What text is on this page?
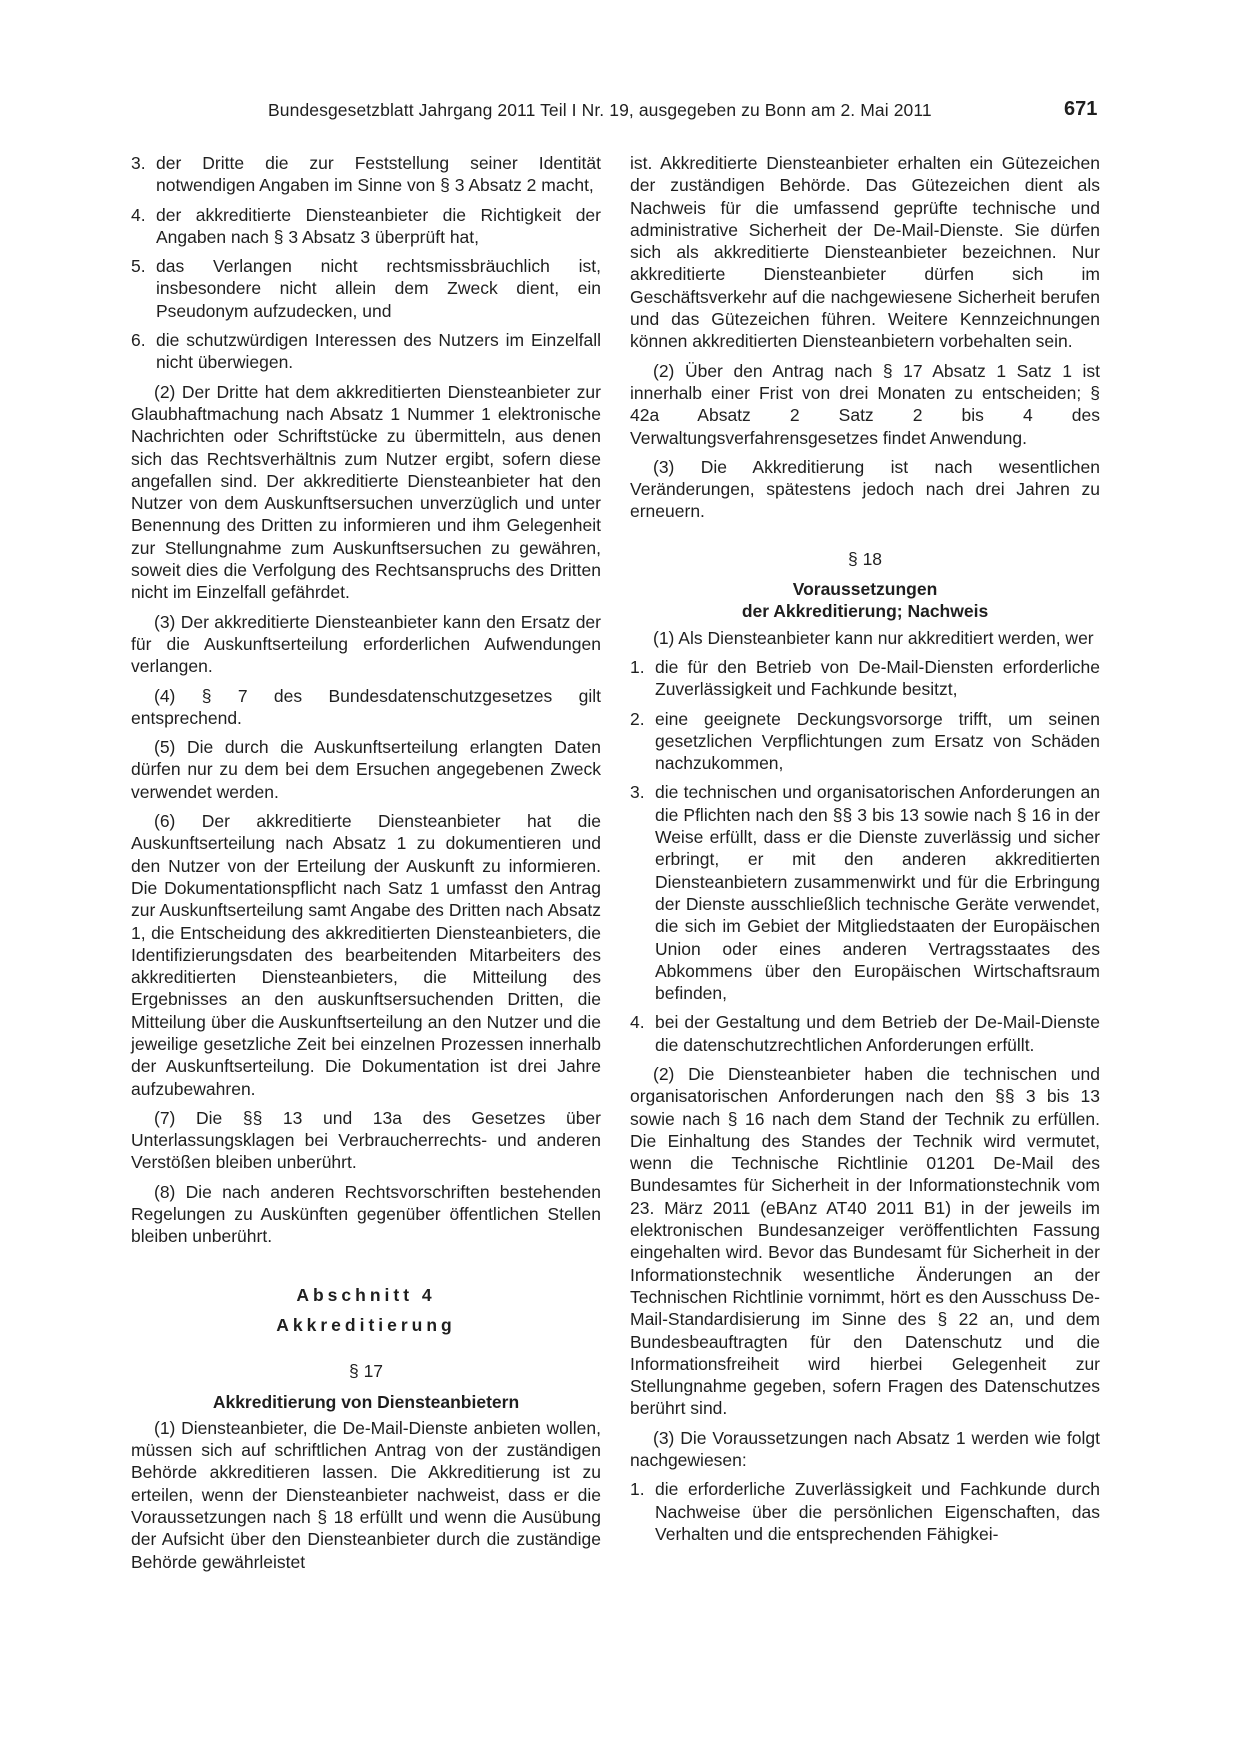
Bundesgesetzblatt Jahrgang 2011 Teil I Nr. 19, ausgegeben zu Bonn am 2. Mai 2011	671
3. der Dritte die zur Feststellung seiner Identität notwendigen Angaben im Sinne von § 3 Absatz 2 macht,
4. der akkreditierte Diensteanbieter die Richtigkeit der Angaben nach § 3 Absatz 3 überprüft hat,
5. das Verlangen nicht rechtsmissbräuchlich ist, insbesondere nicht allein dem Zweck dient, ein Pseudonym aufzudecken, und
6. die schutzwürdigen Interessen des Nutzers im Einzelfall nicht überwiegen.

(2) Der Dritte hat dem akkreditierten Diensteanbieter zur Glaubhaftmachung nach Absatz 1 Nummer 1 elektronische Nachrichten oder Schriftstücke zu übermitteln, aus denen sich das Rechtsverhältnis zum Nutzer ergibt, sofern diese angefallen sind. Der akkreditierte Diensteanbieter hat den Nutzer von dem Auskunftsersuchen unverzüglich und unter Benennung des Dritten zu informieren und ihm Gelegenheit zur Stellungnahme zum Auskunftsersuchen zu gewähren, soweit dies die Verfolgung des Rechtsanspruchs des Dritten nicht im Einzelfall gefährdet.

(3) Der akkreditierte Diensteanbieter kann den Ersatz der für die Auskunftserteilung erforderlichen Aufwendungen verlangen.

(4) § 7 des Bundesdatenschutzgesetzes gilt entsprechend.

(5) Die durch die Auskunftserteilung erlangten Daten dürfen nur zu dem bei dem Ersuchen angegebenen Zweck verwendet werden.

(6) Der akkreditierte Diensteanbieter hat die Auskunftserteilung nach Absatz 1 zu dokumentieren und den Nutzer von der Erteilung der Auskunft zu informieren. Die Dokumentationspflicht nach Satz 1 umfasst den Antrag zur Auskunftserteilung samt Angabe des Dritten nach Absatz 1, die Entscheidung des akkreditierten Diensteanbieters, die Identifizierungsdaten des bearbeitenden Mitarbeiters des akkreditierten Diensteanbieters, die Mitteilung des Ergebnisses an den auskunftsersuchenden Dritten, die Mitteilung über die Auskunftserteilung an den Nutzer und die jeweilige gesetzliche Zeit bei einzelnen Prozessen innerhalb der Auskunftserteilung. Die Dokumentation ist drei Jahre aufzubewahren.

(7) Die §§ 13 und 13a des Gesetzes über Unterlassungsklagen bei Verbraucherrechts- und anderen Verstößen bleiben unberührt.

(8) Die nach anderen Rechtsvorschriften bestehenden Regelungen zu Auskünften gegenüber öffentlichen Stellen bleiben unberührt.

Abschnitt 4
Akkreditierung
§ 17
Akkreditierung von Diensteanbietern

(1) Diensteanbieter, die De-Mail-Dienste anbieten wollen, müssen sich auf schriftlichen Antrag von der zuständigen Behörde akkreditieren lassen. Die Akkreditierung ist zu erteilen, wenn der Diensteanbieter nachweist, dass er die Voraussetzungen nach § 18 erfüllt und wenn die Ausübung der Aufsicht über den Diensteanbieter durch die zuständige Behörde gewährleistet

ist. Akkreditierte Diensteanbieter erhalten ein Gütezeichen der zuständigen Behörde. Das Gütezeichen dient als Nachweis für die umfassend geprüfte technische und administrative Sicherheit der De-Mail-Dienste. Sie dürfen sich als akkreditierte Diensteanbieter bezeichnen. Nur akkreditierte Diensteanbieter dürfen sich im Geschäftsverkehr auf die nachgewiesene Sicherheit berufen und das Gütezeichen führen. Weitere Kennzeichnungen können akkreditierten Diensteanbietern vorbehalten sein.

(2) Über den Antrag nach § 17 Absatz 1 Satz 1 ist innerhalb einer Frist von drei Monaten zu entscheiden; § 42a Absatz 2 Satz 2 bis 4 des Verwaltungsverfahrensgesetzes findet Anwendung.

(3) Die Akkreditierung ist nach wesentlichen Veränderungen, spätestens jedoch nach drei Jahren zu erneuern.

§ 18
Voraussetzungen
der Akkreditierung; Nachweis

(1) Als Diensteanbieter kann nur akkreditiert werden, wer

1. die für den Betrieb von De-Mail-Diensten erforderliche Zuverlässigkeit und Fachkunde besitzt,
2. eine geeignete Deckungsvorsorge trifft, um seinen gesetzlichen Verpflichtungen zum Ersatz von Schäden nachzukommen,
3. die technischen und organisatorischen Anforderungen an die Pflichten nach den §§ 3 bis 13 sowie nach § 16 in der Weise erfüllt, dass er die Dienste zuverlässig und sicher erbringt, er mit den anderen akkreditierten Diensteanbietern zusammenwirkt und für die Erbringung der Dienste ausschließlich technische Geräte verwendet, die sich im Gebiet der Mitgliedstaaten der Europäischen Union oder eines anderen Vertragsstaates des Abkommens über den Europäischen Wirtschaftsraum befinden,
4. bei der Gestaltung und dem Betrieb der De-Mail-Dienste die datenschutzrechtlichen Anforderungen erfüllt.

(2) Die Diensteanbieter haben die technischen und organisatorischen Anforderungen nach den §§ 3 bis 13 sowie nach § 16 nach dem Stand der Technik zu erfüllen. Die Einhaltung des Standes der Technik wird vermutet, wenn die Technische Richtlinie 01201 De-Mail des Bundesamtes für Sicherheit in der Informationstechnik vom 23. März 2011 (eBAnz AT40 2011 B1) in der jeweils im elektronischen Bundesanzeiger veröffentlichten Fassung eingehalten wird. Bevor das Bundesamt für Sicherheit in der Informationstechnik wesentliche Änderungen an der Technischen Richtlinie vornimmt, hört es den Ausschuss De-Mail-Standardisierung im Sinne des § 22 an, und dem Bundesbeauftragten für den Datenschutz und die Informationsfreiheit wird hierbei Gelegenheit zur Stellungnahme gegeben, sofern Fragen des Datenschutzes berührt sind.

(3) Die Voraussetzungen nach Absatz 1 werden wie folgt nachgewiesen:

1. die erforderliche Zuverlässigkeit und Fachkunde durch Nachweise über die persönlichen Eigenschaften, das Verhalten und die entsprechenden Fähigkei-
